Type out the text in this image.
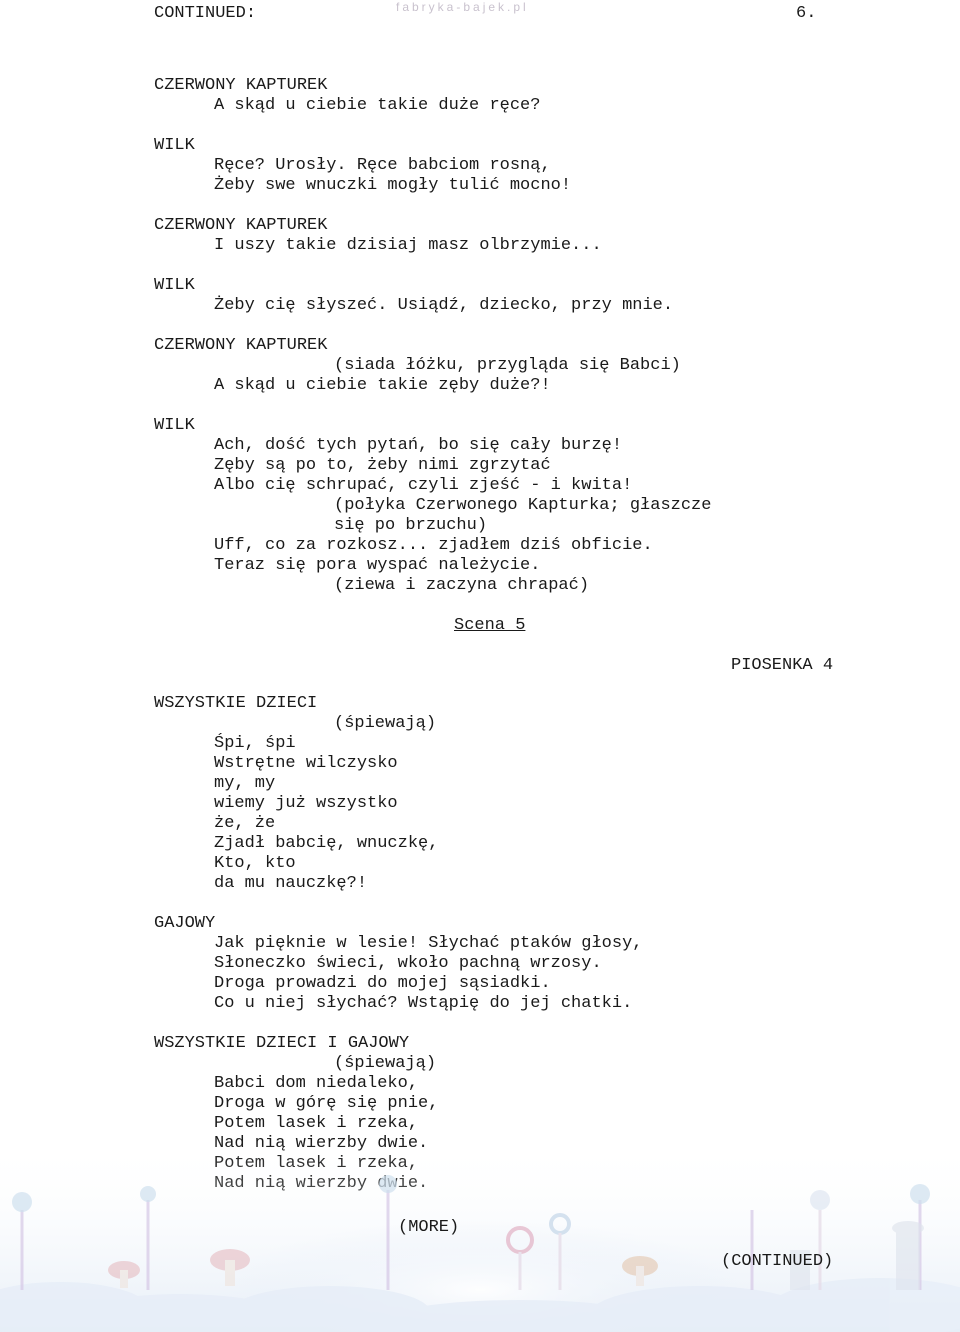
CONTINUED:	fabryka-bajek.pl	6.
CZERWONY KAPTUREK
A skąd u ciebie takie duże ręce?
WILK
Ręce? Urosły. Ręce babciom rosną,
Żeby swe wnuczki mogły tulić mocno!
CZERWONY KAPTUREK
I uszy takie dzisiaj masz olbrzymie...
WILK
Żeby cię słyszeć. Usiądź, dziecko, przy mnie.
CZERWONY KAPTUREK
(siada łóżku, przygląda się Babci)
A skąd u ciebie takie zęby duże?!
WILK
Ach, dość tych pytań, bo się cały burzę!
Zęby są po to, żeby nimi zgrzytać
Albo cię schrupać, czyli zjeść - i kwita!
(połyka Czerwonego Kapturka; głaszcze
się po brzuchu)
Uff, co za rozkosz... zjadłem dziś obficie.
Teraz się pora wyspać należycie.
(ziewa i zaczyna chrapać)
Scena 5
PIOSENKA 4
WSZYSTKIE DZIECI
(śpiewają)
Śpi, śpi
Wstrętne wilczysko
my, my
wiemy już wszystko
że, że
Zjadł babcię, wnuczkę,
Kto, kto
da mu nauczkę?!
GAJOWY
Jak pięknie w lesie! Słychać ptaków głosy,
Słoneczko świeci, wkoło pachną wrzosy.
Droga prowadzi do mojej sąsiadki.
Co u niej słychać? Wstąpię do jej chatki.
WSZYSTKIE DZIECI I GAJOWY
(śpiewają)
Babci dom niedaleko,
Droga w górę się pnie,
Potem lasek i rzeka,
(MORE)
(CONTINUED)
